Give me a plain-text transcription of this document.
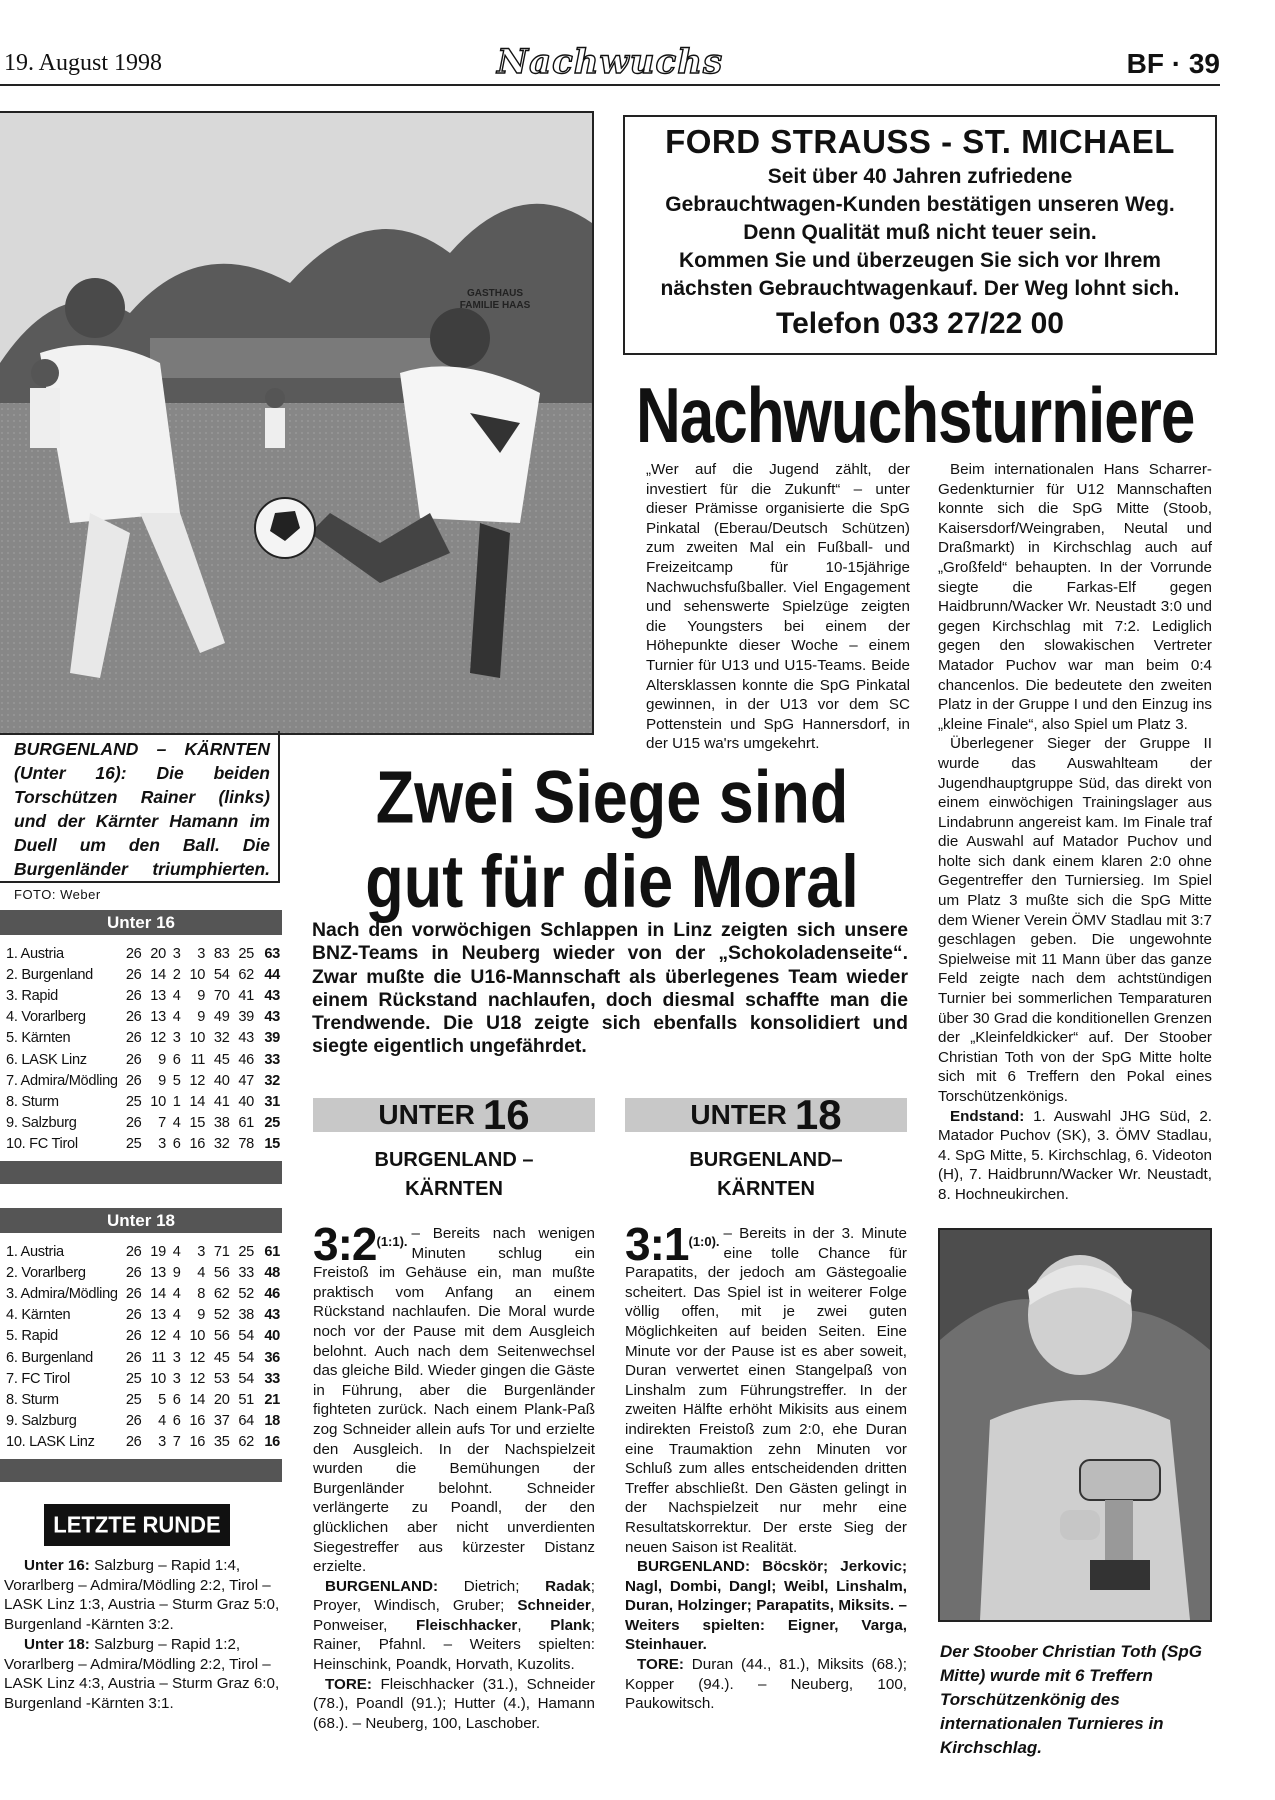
19. August 1998	Nachwuchs	BF · 39
GASTHAUS FAMILIE HAAS
BURGENLAND – KÄRNTEN (Unter 16): Die beiden Torschützen Rainer (links) und der Kärnter Hamann im Duell um den Ball. Die Burgenländer triumphierten. FOTO: Weber
FORD STRAUSS - ST. MICHAEL
Seit über 40 Jahren zufriedene
Gebrauchtwagen-Kunden bestätigen unseren Weg.
Denn Qualität muß nicht teuer sein.
Kommen Sie und überzeugen Sie sich vor Ihrem
nächsten Gebrauchtwagenkauf. Der Weg lohnt sich.
Telefon 033 27/22 00
Nachwuchsturniere

„Wer auf die Jugend zählt, der investiert für die Zukunft“ – unter dieser Prämisse organisierte die SpG Pinkatal (Eberau/Deutsch Schützen) zum zweiten Mal ein Fußball- und Freizeitcamp für 10-15jährige Nachwuchsfußballer. Viel Engagement und sehenswerte Spielzüge zeigten die Youngsters bei einem der Höhepunkte dieser Woche – einem Turnier für U13 und U15-Teams. Beide Altersklassen konnte die SpG Pinkatal gewinnen, in der U13 vor dem SC Pottenstein und SpG Hannersdorf, in der U15 wa'rs umgekehrt.

Beim internationalen Hans Scharrer-Gedenkturnier für U12 Mannschaften konnte sich die SpG Mitte (Stoob, Kaisersdorf/Weingraben, Neutal und Draßmarkt) in Kirchschlag auch auf „Großfeld“ behaupten. In der Vorrunde siegte die Farkas-Elf gegen Haidbrunn/Wacker Wr. Neustadt 3:0 und gegen Kirchschlag mit 7:2. Lediglich gegen den slowakischen Vertreter Matador Puchov war man beim 0:4 chancenlos. Die bedeutete den zweiten Platz in der Gruppe I und den Einzug ins „kleine Finale“, also Spiel um Platz 3.

Überlegener Sieger der Gruppe II wurde das Auswahlteam der Jugendhauptgruppe Süd, das direkt von einem einwöchigen Trainingslager aus Lindabrunn angereist kam. Im Finale traf die Auswahl auf Matador Puchov und holte sich dank einem klaren 2:0 ohne Gegentreffer den Turniersieg. Im Spiel um Platz 3 mußte sich die SpG Mitte dem Wiener Verein ÖMV Stadlau mit 3:7 geschlagen geben. Die ungewohnte Spielweise mit 11 Mann über das ganze Feld zeigte nach dem achtstündigen Turnier bei sommerlichen Temparaturen über 30 Grad die konditionellen Grenzen der „Kleinfeldkicker“ auf. Der Stoober Christian Toth von der SpG Mitte holte sich mit 6 Treffern den Pokal eines Torschützenkönigs.

Endstand: 1. Auswahl JHG Süd, 2. Matador Puchov (SK), 3. ÖMV Stadlau, 4. SpG Mitte, 5. Kirchschlag, 6. Videoton (H), 7. Haidbrunn/Wacker Wr. Neustadt, 8. Hochneukirchen.

Der Stoober Christian Toth (SpG Mitte) wurde mit 6 Treffern Torschützenkönig des internationalen Turnieres in Kirchschlag.
Zwei Siege sind
gut für die Moral
Nach den vorwöchigen Schlappen in Linz zeigten sich unsere BNZ-Teams in Neuberg wieder von der „Schokoladenseite“. Zwar mußte die U16-Mannschaft als überlegenes Team wieder einem Rückstand nachlaufen, doch diesmal schaffte man die Trendwende. Die U18 zeigte sich ebenfalls konsolidiert und siegte eigentlich ungefährdet.
UNTER 16
BURGENLAND –
KÄRNTEN
$3:2^{(1:1).}$ – Bereits nach wenigen Minuten schlug ein Freistoß im Gehäuse ein, man mußte praktisch vom Anfang an einem Rückstand nachlaufen. Die Moral wurde noch vor der Pause mit dem Ausgleich belohnt. Auch nach dem Seitenwechsel das gleiche Bild. Wieder gingen die Gäste in Führung, aber die Burgenländer fighteten zurück. Nach einem Plank-Paß zog Schneider allein aufs Tor und erzielte den Ausgleich. In der Nachspielzeit wurden die Bemühungen der Burgenländer belohnt. Schneider verlängerte zu Poandl, der den glücklichen aber nicht unverdienten Siegestreffer aus kürzester Distanz erzielte.

BURGENLAND: Dietrich; Radak; Proyer, Windisch, Gruber; Schneider, Ponweiser, Fleischhacker, Plank; Rainer, Pfahnl. – Weiters spielten: Heinschink, Poandk, Horvath, Kuzolits.

TORE: Fleischhacker (31.), Schneider (78.), Poandl (91.); Hutter (4.), Hamann (68.). – Neuberg, 100, Laschober.

UNTER 18
BURGENLAND–
KÄRNTEN
$3:1^{(1:0).}$ – Bereits in der 3. Minute eine tolle Chance für Parapatits, der jedoch am Gästegoalie scheitert. Das Spiel ist in weiterer Folge völlig offen, mit je zwei guten Möglichkeiten auf beiden Seiten. Eine Minute vor der Pause ist es aber soweit, Duran verwertet einen Stangelpaß von Linshalm zum Führungstreffer. In der zweiten Hälfte erhöht Mikisits aus einem indirekten Freistoß zum 2:0, ehe Duran eine Traumaktion zehn Minuten vor Schluß zum alles entscheidenden dritten Treffer abschließt. Den Gästen gelingt in der Nachspielzeit nur mehr eine Resultatskorrektur. Der erste Sieg der neuen Saison ist Realität.

BURGENLAND: Böcskör; Jerkovic; Nagl, Dombi, Dangl; Weibl, Linshalm, Duran, Holzinger; Parapatits, Miksits. – Weiters spielten: Eigner, Varga, Steinhauer.

TORE: Duran (44., 81.), Miksits (68.); Kopper (94.). – Neuberg, 100, Paukowitsch.

Unter 16
1. Austria	26	20	3	3	83	25	63
2. Burgenland	26	14	2	10	54	62	44
3. Rapid	26	13	4	9	70	41	43
4. Vorarlberg	26	13	4	9	49	39	43
5. Kärnten	26	12	3	10	32	43	39
6. LASK Linz	26	9	6	11	45	46	33
7. Admira/Mödling	26	9	5	12	40	47	32
8. Sturm	25	10	1	14	41	40	31
9. Salzburg	26	7	4	15	38	61	25
10. FC Tirol	25	3	6	16	32	78	15
Unter 18
1. Austria	26	19	4	3	71	25	61
2. Vorarlberg	26	13	9	4	56	33	48
3. Admira/Mödling	26	14	4	8	62	52	46
4. Kärnten	26	13	4	9	52	38	43
5. Rapid	26	12	4	10	56	54	40
6. Burgenland	26	11	3	12	45	54	36
7. FC Tirol	25	10	3	12	53	54	33
8. Sturm	25	5	6	14	20	51	21
9. Salzburg	26	4	6	16	37	64	18
10. LASK Linz	26	3	7	16	35	62	16
LETZTE RUNDE

Unter 16: Salzburg – Rapid 1:4, Vorarlberg – Admira/Mödling 2:2, Tirol – LASK Linz 1:3, Austria – Sturm Graz 5:0, Burgenland -Kärnten 3:2.

Unter 18: Salzburg – Rapid 1:2, Vorarlberg – Admira/Mödling 2:2, Tirol – LASK Linz 4:3, Austria – Sturm Graz 6:0, Burgenland -Kärnten 3:1.
